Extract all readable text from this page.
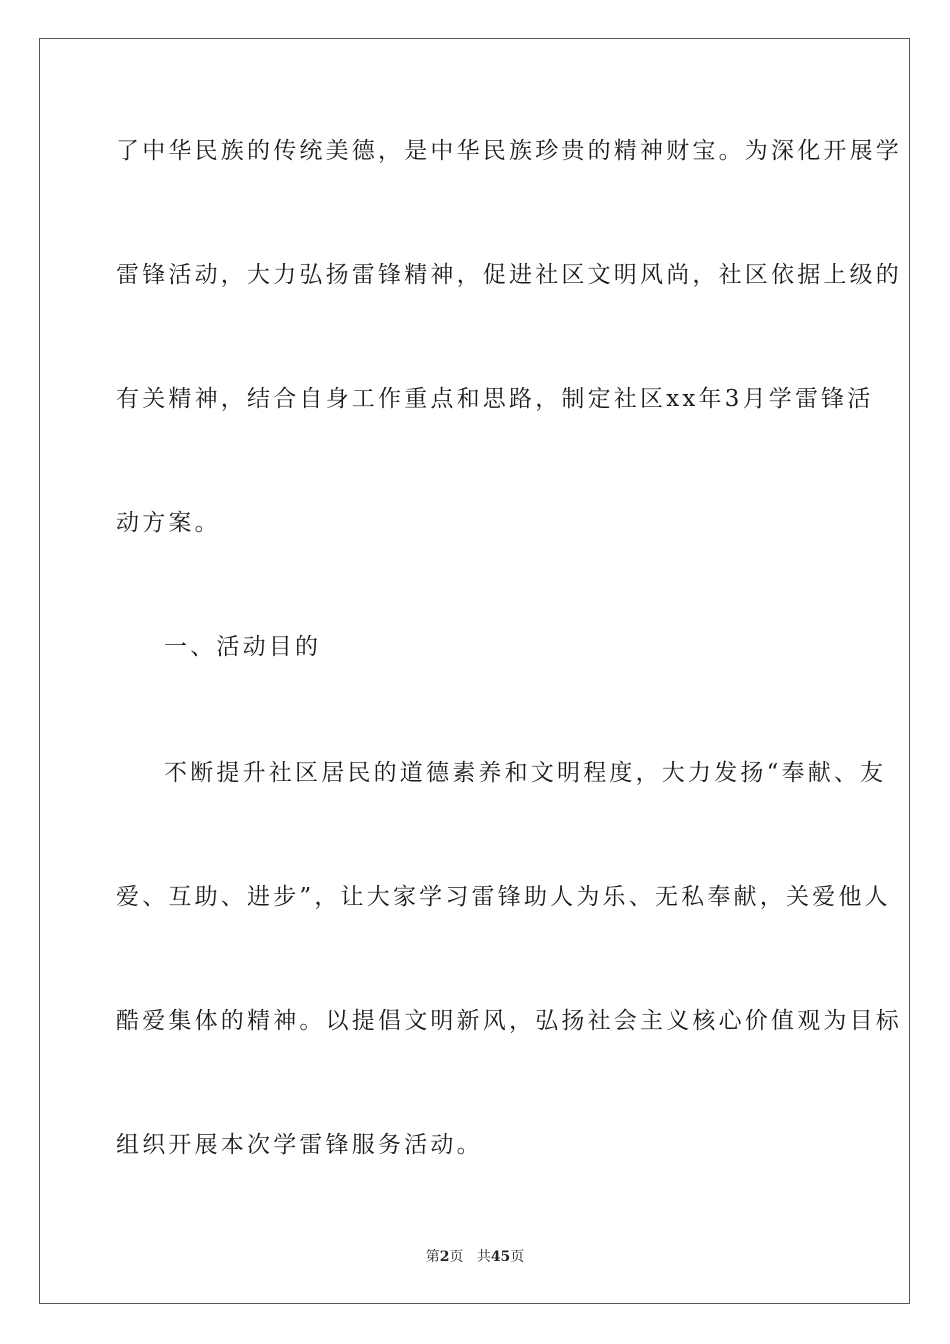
了中华民族的传统美德，是中华民族珍贵的精神财宝。为深化开展学
雷锋活动，大力弘扬雷锋精神，促进社区文明风尚，社区依据上级的
有关精神，结合自身工作重点和思路，制定社区xx年3月学雷锋活
动方案。
一、活动目的
不断提升社区居民的道德素养和文明程度，大力发扬“奉献、友
爱、互助、进步”，让大家学习雷锋助人为乐、无私奉献，关爱他人
酷爱集体的精神。以提倡文明新风，弘扬社会主义核心价值观为目标
组织开展本次学雷锋服务活动。
第2页 共45页
